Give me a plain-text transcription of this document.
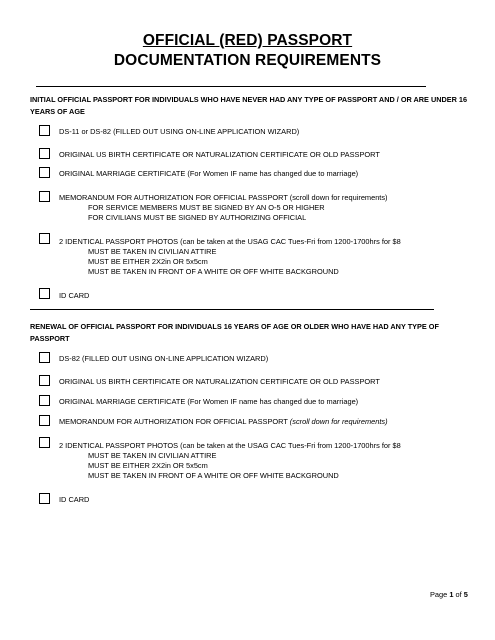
OFFICIAL (RED) PASSPORT
DOCUMENTATION REQUIREMENTS
INITIAL OFFICIAL PASSPORT FOR INDIVIDUALS WHO HAVE NEVER HAD ANY TYPE OF PASSPORT AND / OR ARE UNDER 16 YEARS OF AGE
DS-11 or DS-82 (FILLED OUT USING ON-LINE APPLICATION WIZARD)
ORIGINAL US BIRTH CERTIFICATE OR NATURALIZATION CERTIFICATE OR OLD PASSPORT
ORIGINAL MARRIAGE CERTIFICATE (For Women IF name has changed due to marriage)
MEMORANDUM FOR AUTHORIZATION FOR OFFICIAL PASSPORT (scroll down for requirements)
FOR SERVICE MEMBERS MUST BE SIGNED BY AN O-5 OR HIGHER
FOR CIVILIANS MUST BE SIGNED BY AUTHORIZING OFFICIAL
2 IDENTICAL PASSPORT PHOTOS (can be taken at the USAG CAC Tues-Fri from 1200-1700hrs for $8
MUST BE TAKEN IN CIVILIAN ATTIRE
MUST BE EITHER 2X2in OR 5x5cm
MUST BE TAKEN IN FRONT OF A WHITE OR OFF WHITE BACKGROUND
ID CARD
RENEWAL OF OFFICIAL PASSPORT FOR INDIVIDUALS 16 YEARS OF AGE OR OLDER WHO HAVE HAD ANY TYPE OF PASSPORT
DS-82 (FILLED OUT USING ON-LINE APPLICATION WIZARD)
ORIGINAL US BIRTH CERTIFICATE OR NATURALIZATION CERTIFICATE OR OLD PASSPORT
ORIGINAL MARRIAGE CERTIFICATE (For Women IF name has changed due to marriage)
MEMORANDUM FOR AUTHORIZATION FOR OFFICIAL PASSPORT (scroll down for requirements)
2 IDENTICAL PASSPORT PHOTOS (can be taken at the USAG CAC Tues-Fri from 1200-1700hrs for $8
MUST BE TAKEN IN CIVILIAN ATTIRE
MUST BE EITHER 2X2in OR 5x5cm
MUST BE TAKEN IN FRONT OF A WHITE OR OFF WHITE BACKGROUND
ID CARD
Page 1 of 5
